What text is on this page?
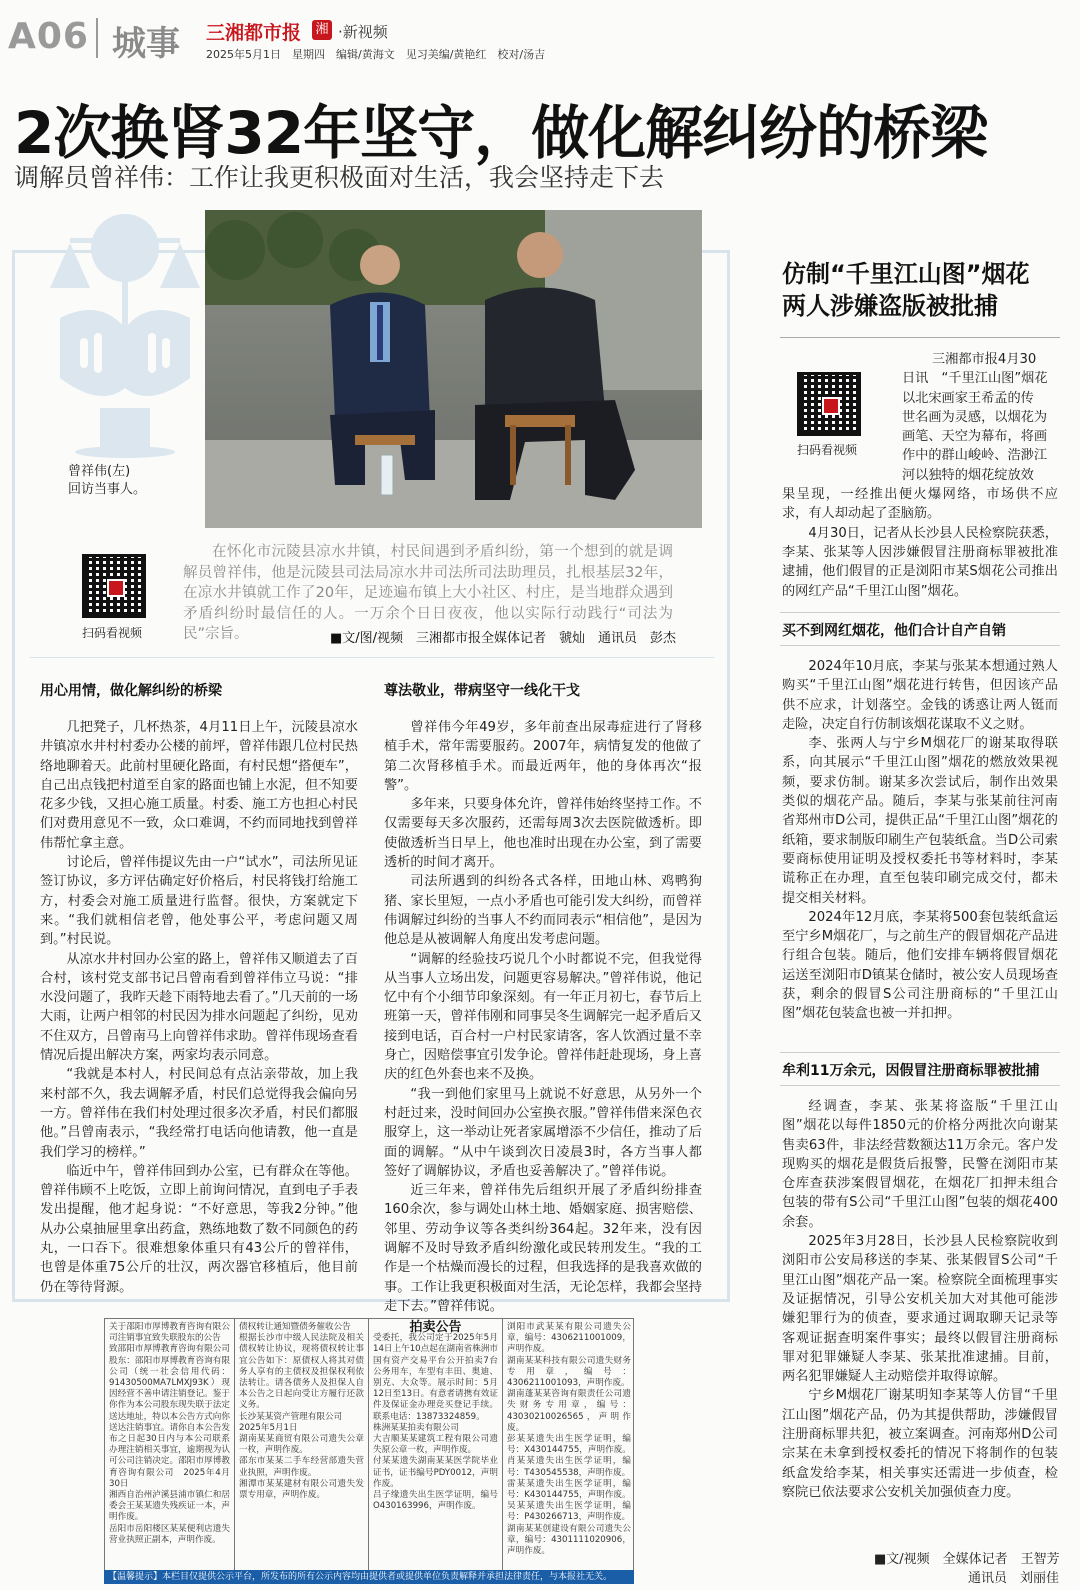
A06 城事 三湘都市报 湘 ·新视频
2025年5月1日　星期四　编辑/黄海文　见习美编/黄艳红　校对/汤吉
2次换肾32年坚守，做化解纠纷的桥梁
调解员曾祥伟：工作让我更积极面对生活，我会坚持走下去
曾祥伟(左)
回访当事人。
扫码看视频

在怀化市沅陵县凉水井镇，村民间遇到矛盾纠纷，第一个想到的就是调解员曾祥伟，他是沅陵县司法局凉水井司法所司法助理员，扎根基层32年，在凉水井镇就工作了20年，足迹遍布镇上大小社区、村庄，是当地群众遇到矛盾纠纷时最信任的人。一万余个日日夜夜，他以实际行动践行“司法为民”宗旨。	■文/图/视频　三湘都市报全媒体记者　虢灿　通讯员　彭杰
用心用情，做化解纠纷的桥梁

几把凳子，几杯热茶，4月11日上午，沅陵县凉水井镇凉水井村村委办公楼的前坪，曾祥伟跟几位村民热络地聊着天。此前村里硬化路面，有村民想“搭便车”，自己出点钱把村道至自家的路面也铺上水泥，但不知要花多少钱，又担心施工质量。村委、施工方也担心村民们对费用意见不一致，众口难调，不约而同地找到曾祥伟帮忙拿主意。

讨论后，曾祥伟提议先由一户“试水”，司法所见证签订协议，多方评估确定好价格后，村民将钱打给施工方，村委会对施工质量进行监督。很快，方案就定下来。“我们就相信老曾，他处事公平，考虑问题又周到。”村民说。

从凉水井村回办公室的路上，曾祥伟又顺道去了百合村，该村党支部书记吕曾南看到曾祥伟立马说：“排水没问题了，我昨天趁下雨特地去看了。”几天前的一场大雨，让两户相邻的村民因为排水问题起了纠纷，见劝不住双方，吕曾南马上向曾祥伟求助。曾祥伟现场查看情况后提出解决方案，两家均表示同意。

“我就是本村人，村民间总有点沾亲带故，加上我来村部不久，我去调解矛盾，村民们总觉得我会偏向另一方。曾祥伟在我们村处理过很多次矛盾，村民们都服他。”吕曾南表示，“我经常打电话向他请教，他一直是我们学习的榜样。”

临近中午，曾祥伟回到办公室，已有群众在等他。曾祥伟顾不上吃饭，立即上前询问情况，直到电子手表发出提醒，他才起身说：“不好意思，等我2分钟。”他从办公桌抽屉里拿出药盒，熟练地数了数不同颜色的药丸，一口吞下。很难想象体重只有43公斤的曾祥伟，也曾是体重75公斤的壮汉，两次器官移植后，他目前仍在等待肾源。

尊法敬业，带病坚守一线化干戈

曾祥伟今年49岁，多年前查出尿毒症进行了肾移植手术，常年需要服药。2007年，病情复发的他做了第二次肾移植手术。而最近两年，他的身体再次“报警”。

多年来，只要身体允许，曾祥伟始终坚持工作。不仅需要每天多次服药，还需每周3次去医院做透析。即使做透析当日早上，他也准时出现在办公室，到了需要透析的时间才离开。

司法所遇到的纠纷各式各样，田地山林、鸡鸭狗猪、家长里短，一点小矛盾也可能引发大纠纷，而曾祥伟调解过纠纷的当事人不约而同表示“相信他”，是因为他总是从被调解人角度出发考虑问题。

“调解的经验技巧说几个小时都说不完，但我觉得从当事人立场出发，问题更容易解决。”曾祥伟说，他记忆中有个小细节印象深刻。有一年正月初七，春节后上班第一天，曾祥伟刚和同事吴冬生调解完一起矛盾后又接到电话，百合村一户村民家请客，客人饮酒过量不幸身亡，因赔偿事宜引发争论。曾祥伟赶赴现场，身上喜庆的红色外套也来不及换。

“我一到他们家里马上就说不好意思，从另外一个村赶过来，没时间回办公室换衣服。”曾祥伟借来深色衣服穿上，这一举动让死者家属增添不少信任，推动了后面的调解。“从中午谈到次日凌晨3时，各方当事人都签好了调解协议，矛盾也妥善解决了。”曾祥伟说。

近三年来，曾祥伟先后组织开展了矛盾纠纷排查160余次，参与调处山林土地、婚姻家庭、损害赔偿、邻里、劳动争议等各类纠纷364起。32年来，没有因调解不及时导致矛盾纠纷激化或民转刑发生。“我的工作是一个枯燥而漫长的过程，但我选择的是我喜欢做的事。工作让我更积极面对生活，无论怎样，我都会坚持走下去。”曾祥伟说。

仿制“千里江山图”烟花
两人涉嫌盗版被批捕
扫码看视频
三湘都市报4月30
日讯　“千里江山图”烟花
以北宋画家王希孟的传
世名画为灵感，以烟花为
画笔、天空为幕布，将画
作中的群山峻岭、浩渺江
河以独特的烟花绽放效
果呈现，一经推出便火爆网络，市场供不应求，有人却动起了歪脑筋。

4月30日，记者从长沙县人民检察院获悉，李某、张某等人因涉嫌假冒注册商标罪被批准逮捕，他们假冒的正是浏阳市某S烟花公司推出的网红产品“千里江山图”烟花。

买不到网红烟花，他们合计自产自销

2024年10月底，李某与张某本想通过熟人购买“千里江山图”烟花进行转售，但因该产品供不应求，计划落空。金钱的诱惑让两人铤而走险，决定自行仿制该烟花谋取不义之财。

李、张两人与宁乡M烟花厂的谢某取得联系，向其展示“千里江山图”烟花的燃放效果视频，要求仿制。谢某多次尝试后，制作出效果类似的烟花产品。随后，李某与张某前往河南省郑州市D公司，提供正品“千里江山图”烟花的纸箱，要求制版印刷生产包装纸盒。当D公司索要商标使用证明及授权委托书等材料时，李某谎称正在办理，直至包装印刷完成交付，都未提交相关材料。

2024年12月底，李某将500套包装纸盒运至宁乡M烟花厂，与之前生产的假冒烟花产品进行组合包装。随后，他们安排车辆将假冒烟花运送至浏阳市D镇某仓储时，被公安人员现场查获，剩余的假冒S公司注册商标的“千里江山图”烟花包装盒也被一并扣押。

牟利11万余元，因假冒注册商标罪被批捕

经调查，李某、张某将盗版“千里江山图”烟花以每件1850元的价格分两批次向谢某售卖63件，非法经营数额达11万余元。客户发现购买的烟花是假货后报警，民警在浏阳市某仓库查获涉案假冒烟花，在烟花厂扣押未组合包装的带有S公司“千里江山图”包装的烟花400余套。

2025年3月28日，长沙县人民检察院收到浏阳市公安局移送的李某、张某假冒S公司“千里江山图”烟花产品一案。检察院全面梳理事实及证据情况，引导公安机关加大对其他可能涉嫌犯罪行为的侦查，要求通过调取聊天记录等客观证据查明案件事实；最终以假冒注册商标罪对犯罪嫌疑人李某、张某批准逮捕。目前，两名犯罪嫌疑人主动赔偿并取得谅解。

宁乡M烟花厂谢某明知李某等人仿冒“千里江山图”烟花产品，仍为其提供帮助，涉嫌假冒注册商标罪共犯，被立案调查。河南郑州D公司宗某在未拿到授权委托的情况下将制作的包装纸盒发给李某，相关事实还需进一步侦查，检察院已依法要求公安机关加强侦查力度。

■文/视频　全媒体记者　王智芳
通讯员　刘丽佳
关于邵阳市厚博教育咨询有限公司注销事宜致失联股东的公告
致邵阳市厚博教育咨询有限公司股东：邵阳市厚博教育咨询有限公司（统一社会信用代码：91430500MA7LMXJ93K）现因经营不善申请注销登记。鉴于你作为本公司股东现失联于法定送达地址，特以本公告方式向你送达注销事宜。请你自本公告发布之日起30日内与本公司联系办理注销相关事宜，逾期视为认可公司注销决定。邵阳市厚博教育咨询有限公司　2025年4月30日
湘西自治州泸溪县浦市镇仁和居委会王某某遗失残疾证一本，声明作废。
岳阳市岳阳楼区某某便利店遗失营业执照正副本，声明作废。
债权转让通知暨债务催收公告
根据长沙市中级人民法院及相关债权转让协议，现将债权转让事宜公告如下：原债权人将其对债务人享有的主债权及担保权利依法转让。请各债务人及担保人自本公告之日起向受让方履行还款义务。
长沙某某资产管理有限公司
2025年5月1日
湖南某某商贸有限公司遗失公章一枚，声明作废。
邵东市某某二手车经营部遗失营业执照，声明作废。
湘潭市某某建材有限公司遗失发票专用章，声明作废。
拍卖公告
受委托，我公司定于2025年5月14日上午10点起在湖南省株洲市国有资产交易平台公开拍卖7台公务用车，车型有丰田、奥迪、别克、大众等。展示时间：5月12日至13日。有意者请携有效证件及保证金办理竞买登记手续。联系电话：13873324859。
株洲某某拍卖有限公司
大吉顺某某建筑工程有限公司遗失原公章一枚，声明作废。
付某某遗失湖南某某医学院毕业证书，证书编号PDY0012，声明作废。
吕子缘遗失出生医学证明，编号O430163996，声明作废。
浏阳市武某某有限公司遗失公章，编号：4306211001009，声明作废。
湖南某某科技有限公司遗失财务专用章，编号：4306211001093，声明作废。
湖南蓬某某咨询有限责任公司遗失财务专用章，编号：43030210026565，声明作废。
彭某某遗失出生医学证明，编号：X430144755，声明作废。
肖某某遗失出生医学证明，编号：T430545538，声明作废。
雷某某遗失出生医学证明，编号：K430144755，声明作废。
吴某某遗失出生医学证明，编号：P430266713，声明作废。
湖南某某创建设有限公司遗失公章，编号：4301111020906，声明作废。
【温馨提示】本栏目仅提供公示平台，所发布的所有公示内容均由提供者或提供单位负责解释并承担法律责任，与本报社无关。
